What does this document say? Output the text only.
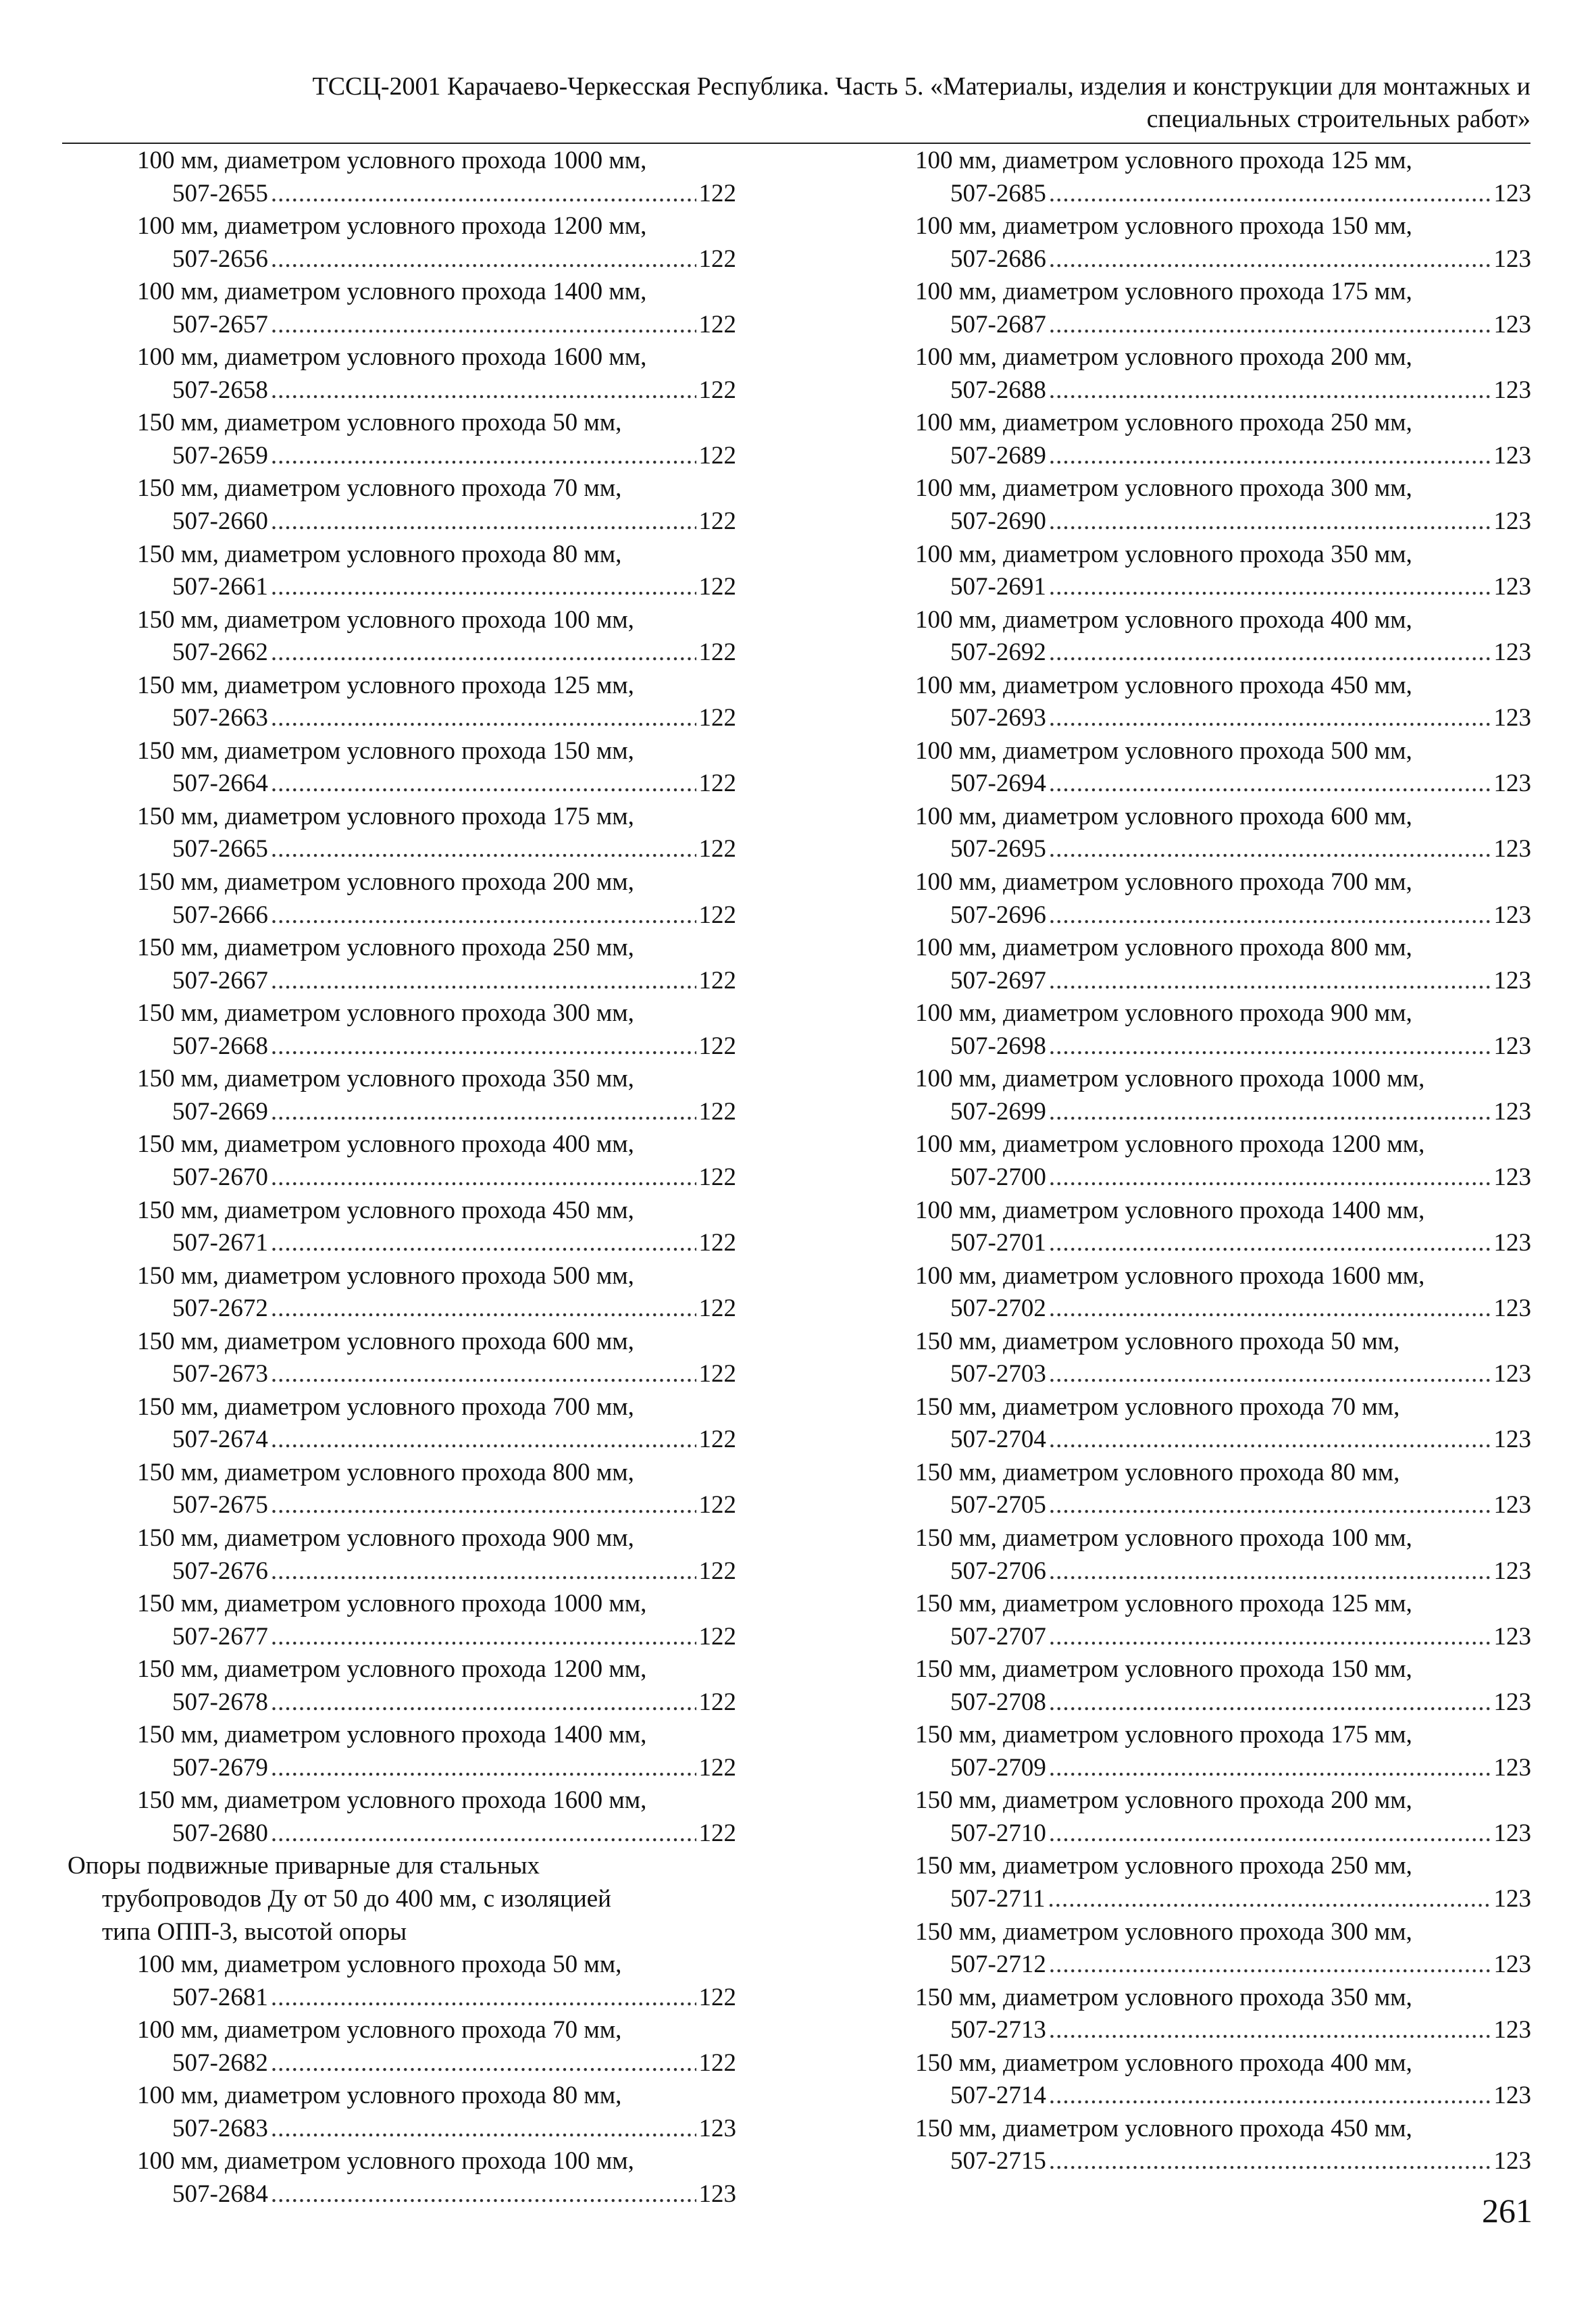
ТССЦ-2001 Карачаево-Черкесская Республика. Часть 5. «Материалы, изделия и конструкции для монтажных и
специальных строительных работ»
100 мм, диаметром условного прохода 1000 мм,
507-2655 .....	122
100 мм, диаметром условного прохода 1200 мм,
507-2656 .....	122
100 мм, диаметром условного прохода 1400 мм,
507-2657 .....	122
100 мм, диаметром условного прохода 1600 мм,
507-2658 .....	122
150 мм, диаметром условного прохода 50 мм,
507-2659 .....	122
150 мм, диаметром условного прохода 70 мм,
507-2660 .....	122
150 мм, диаметром условного прохода 80 мм,
507-2661 .....	122
150 мм, диаметром условного прохода 100 мм,
507-2662 .....	122
150 мм, диаметром условного прохода 125 мм,
507-2663 .....	122
150 мм, диаметром условного прохода 150 мм,
507-2664 .....	122
150 мм, диаметром условного прохода 175 мм,
507-2665 .....	122
150 мм, диаметром условного прохода 200 мм,
507-2666 .....	122
150 мм, диаметром условного прохода 250 мм,
507-2667 .....	122
150 мм, диаметром условного прохода 300 мм,
507-2668 .....	122
150 мм, диаметром условного прохода 350 мм,
507-2669 .....	122
150 мм, диаметром условного прохода 400 мм,
507-2670 .....	122
150 мм, диаметром условного прохода 450 мм,
507-2671 .....	122
150 мм, диаметром условного прохода 500 мм,
507-2672 .....	122
150 мм, диаметром условного прохода 600 мм,
507-2673 .....	122
150 мм, диаметром условного прохода 700 мм,
507-2674 .....	122
150 мм, диаметром условного прохода 800 мм,
507-2675 .....	122
150 мм, диаметром условного прохода 900 мм,
507-2676 .....	122
150 мм, диаметром условного прохода 1000 мм,
507-2677 .....	122
150 мм, диаметром условного прохода 1200 мм,
507-2678 .....	122
150 мм, диаметром условного прохода 1400 мм,
507-2679 .....	122
150 мм, диаметром условного прохода 1600 мм,
507-2680 .....	122
Опоры подвижные приварные для стальных
трубопроводов Ду от 50 до 400 мм, с изоляцией
типа ОПП-3, высотой опоры
100 мм, диаметром условного прохода 50 мм,
507-2681 .....	122
100 мм, диаметром условного прохода 70 мм,
507-2682 .....	122
100 мм, диаметром условного прохода 80 мм,
507-2683 .....	123
100 мм, диаметром условного прохода 100 мм,
507-2684 .....	123
100 мм, диаметром условного прохода 125 мм,
507-2685 .....	123
100 мм, диаметром условного прохода 150 мм,
507-2686 .....	123
100 мм, диаметром условного прохода 175 мм,
507-2687 .....	123
100 мм, диаметром условного прохода 200 мм,
507-2688 .....	123
100 мм, диаметром условного прохода 250 мм,
507-2689 .....	123
100 мм, диаметром условного прохода 300 мм,
507-2690 .....	123
100 мм, диаметром условного прохода 350 мм,
507-2691 .....	123
100 мм, диаметром условного прохода 400 мм,
507-2692 .....	123
100 мм, диаметром условного прохода 450 мм,
507-2693 .....	123
100 мм, диаметром условного прохода 500 мм,
507-2694 .....	123
100 мм, диаметром условного прохода 600 мм,
507-2695 .....	123
100 мм, диаметром условного прохода 700 мм,
507-2696 .....	123
100 мм, диаметром условного прохода 800 мм,
507-2697 .....	123
100 мм, диаметром условного прохода 900 мм,
507-2698 .....	123
100 мм, диаметром условного прохода 1000 мм,
507-2699 .....	123
100 мм, диаметром условного прохода 1200 мм,
507-2700 .....	123
100 мм, диаметром условного прохода 1400 мм,
507-2701 .....	123
100 мм, диаметром условного прохода 1600 мм,
507-2702 .....	123
150 мм, диаметром условного прохода 50 мм,
507-2703 .....	123
150 мм, диаметром условного прохода 70 мм,
507-2704 .....	123
150 мм, диаметром условного прохода 80 мм,
507-2705 .....	123
150 мм, диаметром условного прохода 100 мм,
507-2706 .....	123
150 мм, диаметром условного прохода 125 мм,
507-2707 .....	123
150 мм, диаметром условного прохода 150 мм,
507-2708 .....	123
150 мм, диаметром условного прохода 175 мм,
507-2709 .....	123
150 мм, диаметром условного прохода 200 мм,
507-2710 .....	123
150 мм, диаметром условного прохода 250 мм,
507-2711 .....	123
150 мм, диаметром условного прохода 300 мм,
507-2712 .....	123
150 мм, диаметром условного прохода 350 мм,
507-2713 .....	123
150 мм, диаметром условного прохода 400 мм,
507-2714 .....	123
150 мм, диаметром условного прохода 450 мм,
507-2715 .....	123
261
